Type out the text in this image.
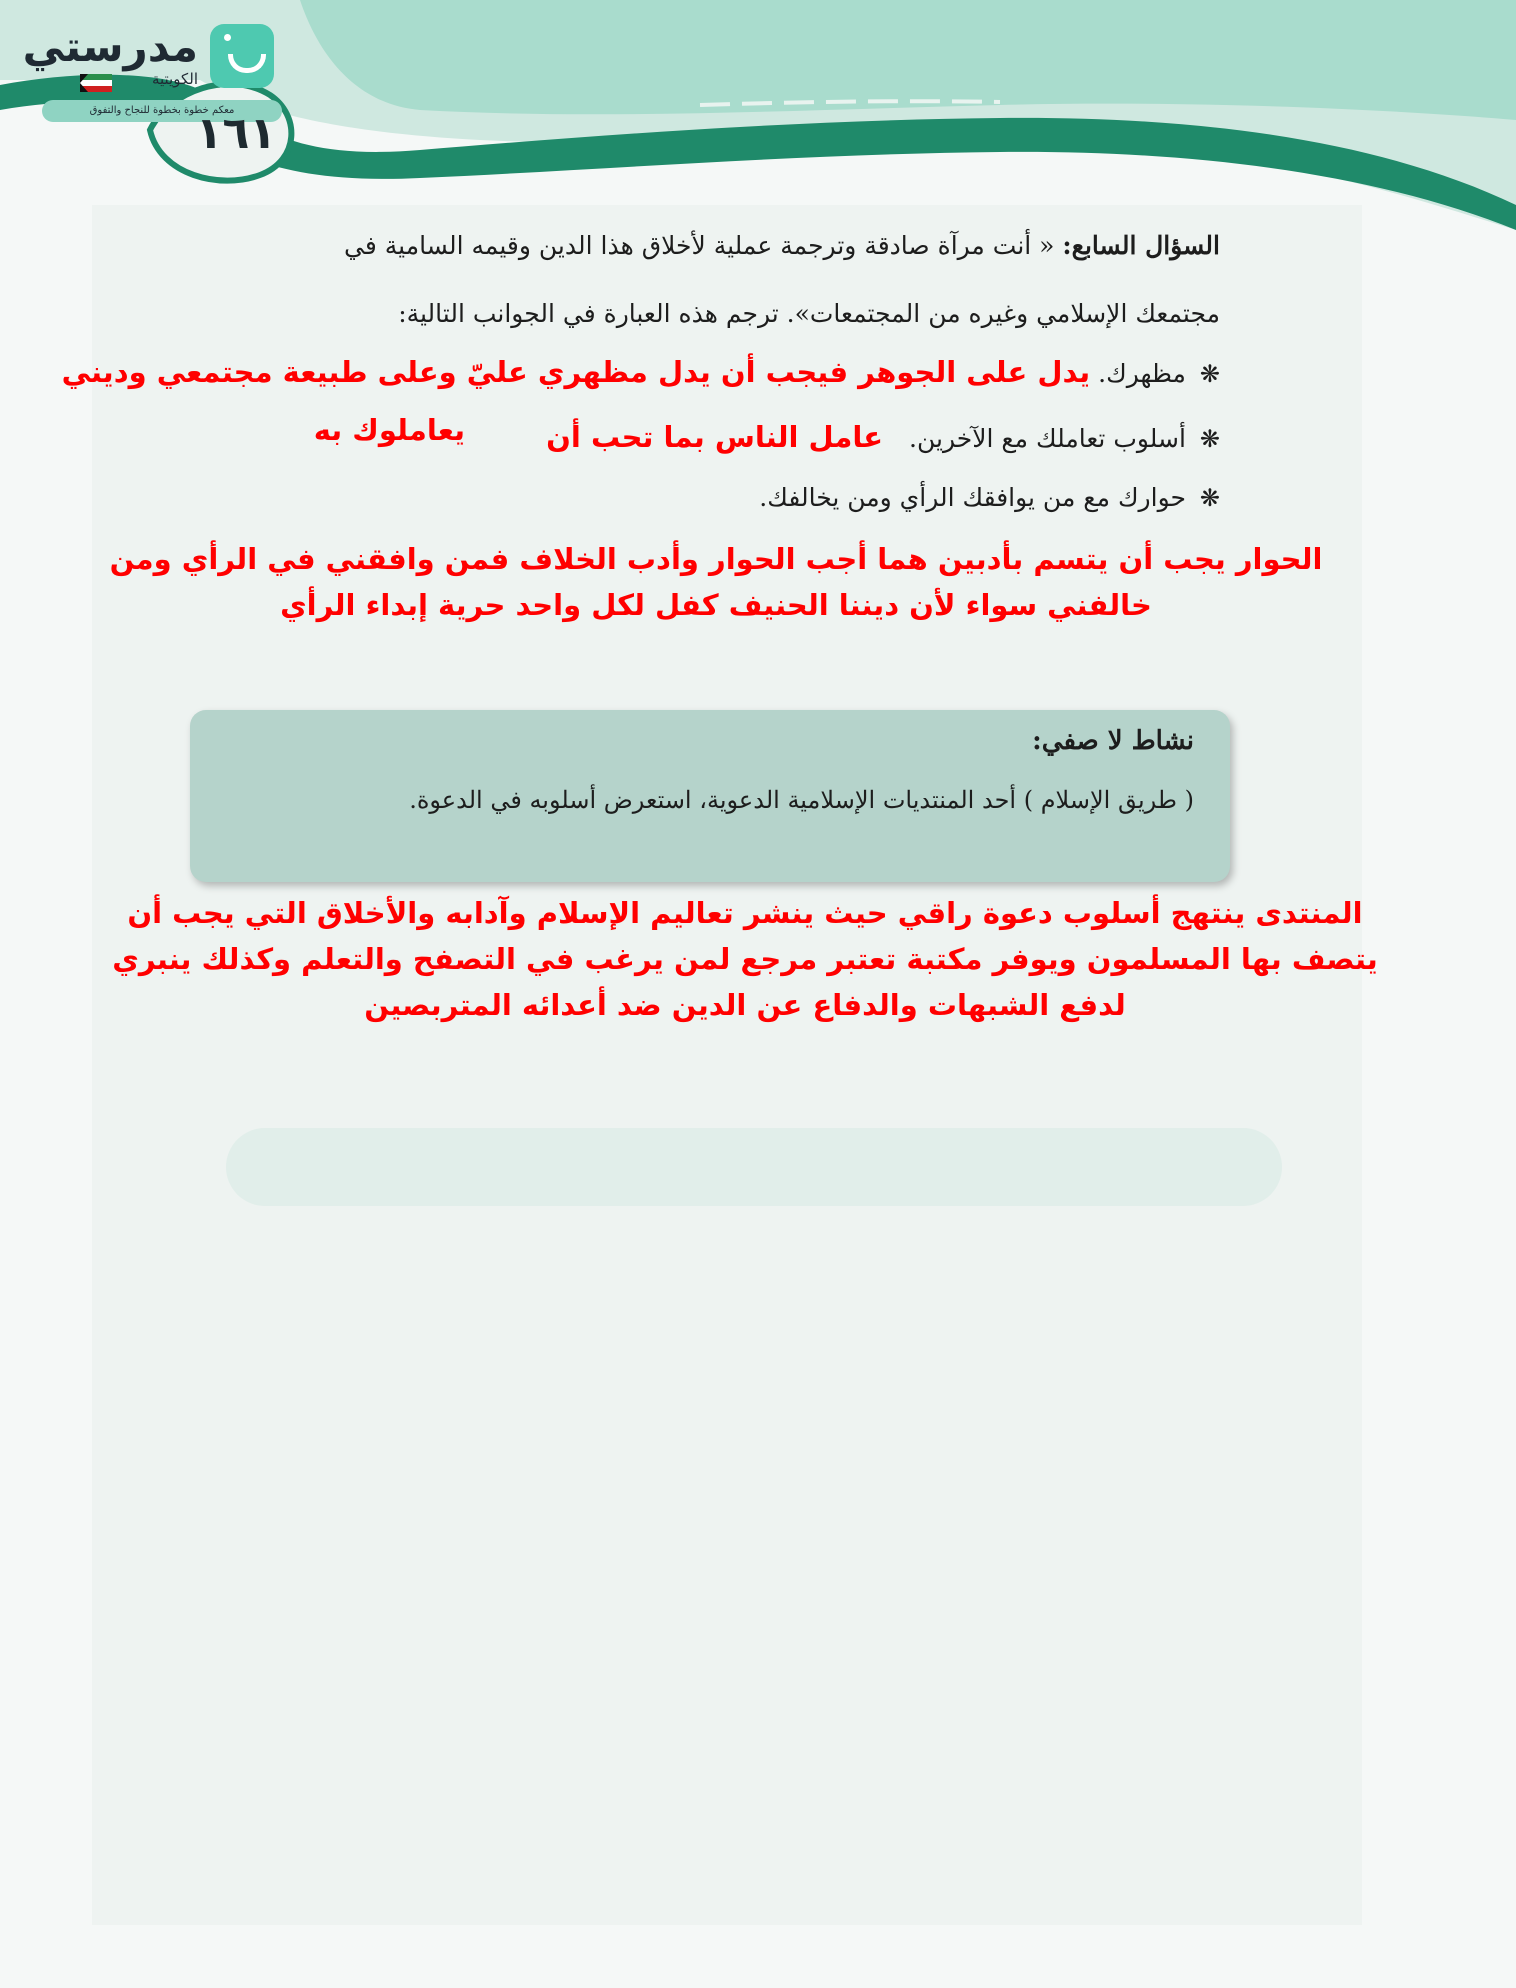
مدرستي
الكويتية
معكم خطوة بخطوة للنجاح والتفوق
١٦١
السؤال السابع: « أنت مرآة صادقة وترجمة عملية لأخلاق هذا الدين وقيمه السامية في
مجتمعك الإسلامي وغيره من المجتمعات». ترجم هذه العبارة في الجوانب التالية:
❋ مظهرك. يدل على الجوهر فيجب أن يدل مظهري عليّ وعلى طبيعة مجتمعي وديني
❋ أسلوب تعاملك مع الآخرين. عامل الناس بما تحب أن
يعاملوك به
❋ حوارك مع من يوافقك الرأي ومن يخالفك.
الحوار يجب أن يتسم بأدبين هما أجب الحوار وأدب الخلاف فمن وافقني في الرأي ومن
خالفني سواء لأن ديننا الحنيف كفل لكل واحد حرية إبداء الرأي
نشاط لا صفي:
( طريق الإسلام ) أحد المنتديات الإسلامية الدعوية، استعرض أسلوبه في الدعوة.
المنتدى ينتهج أسلوب دعوة راقي حيث ينشر تعاليم الإسلام وآدابه والأخلاق التي يجب أن
يتصف بها المسلمون ويوفر مكتبة تعتبر مرجع لمن يرغب في التصفح والتعلم وكذلك ينبري
لدفع الشبهات والدفاع عن الدين ضد أعدائه المتربصين
